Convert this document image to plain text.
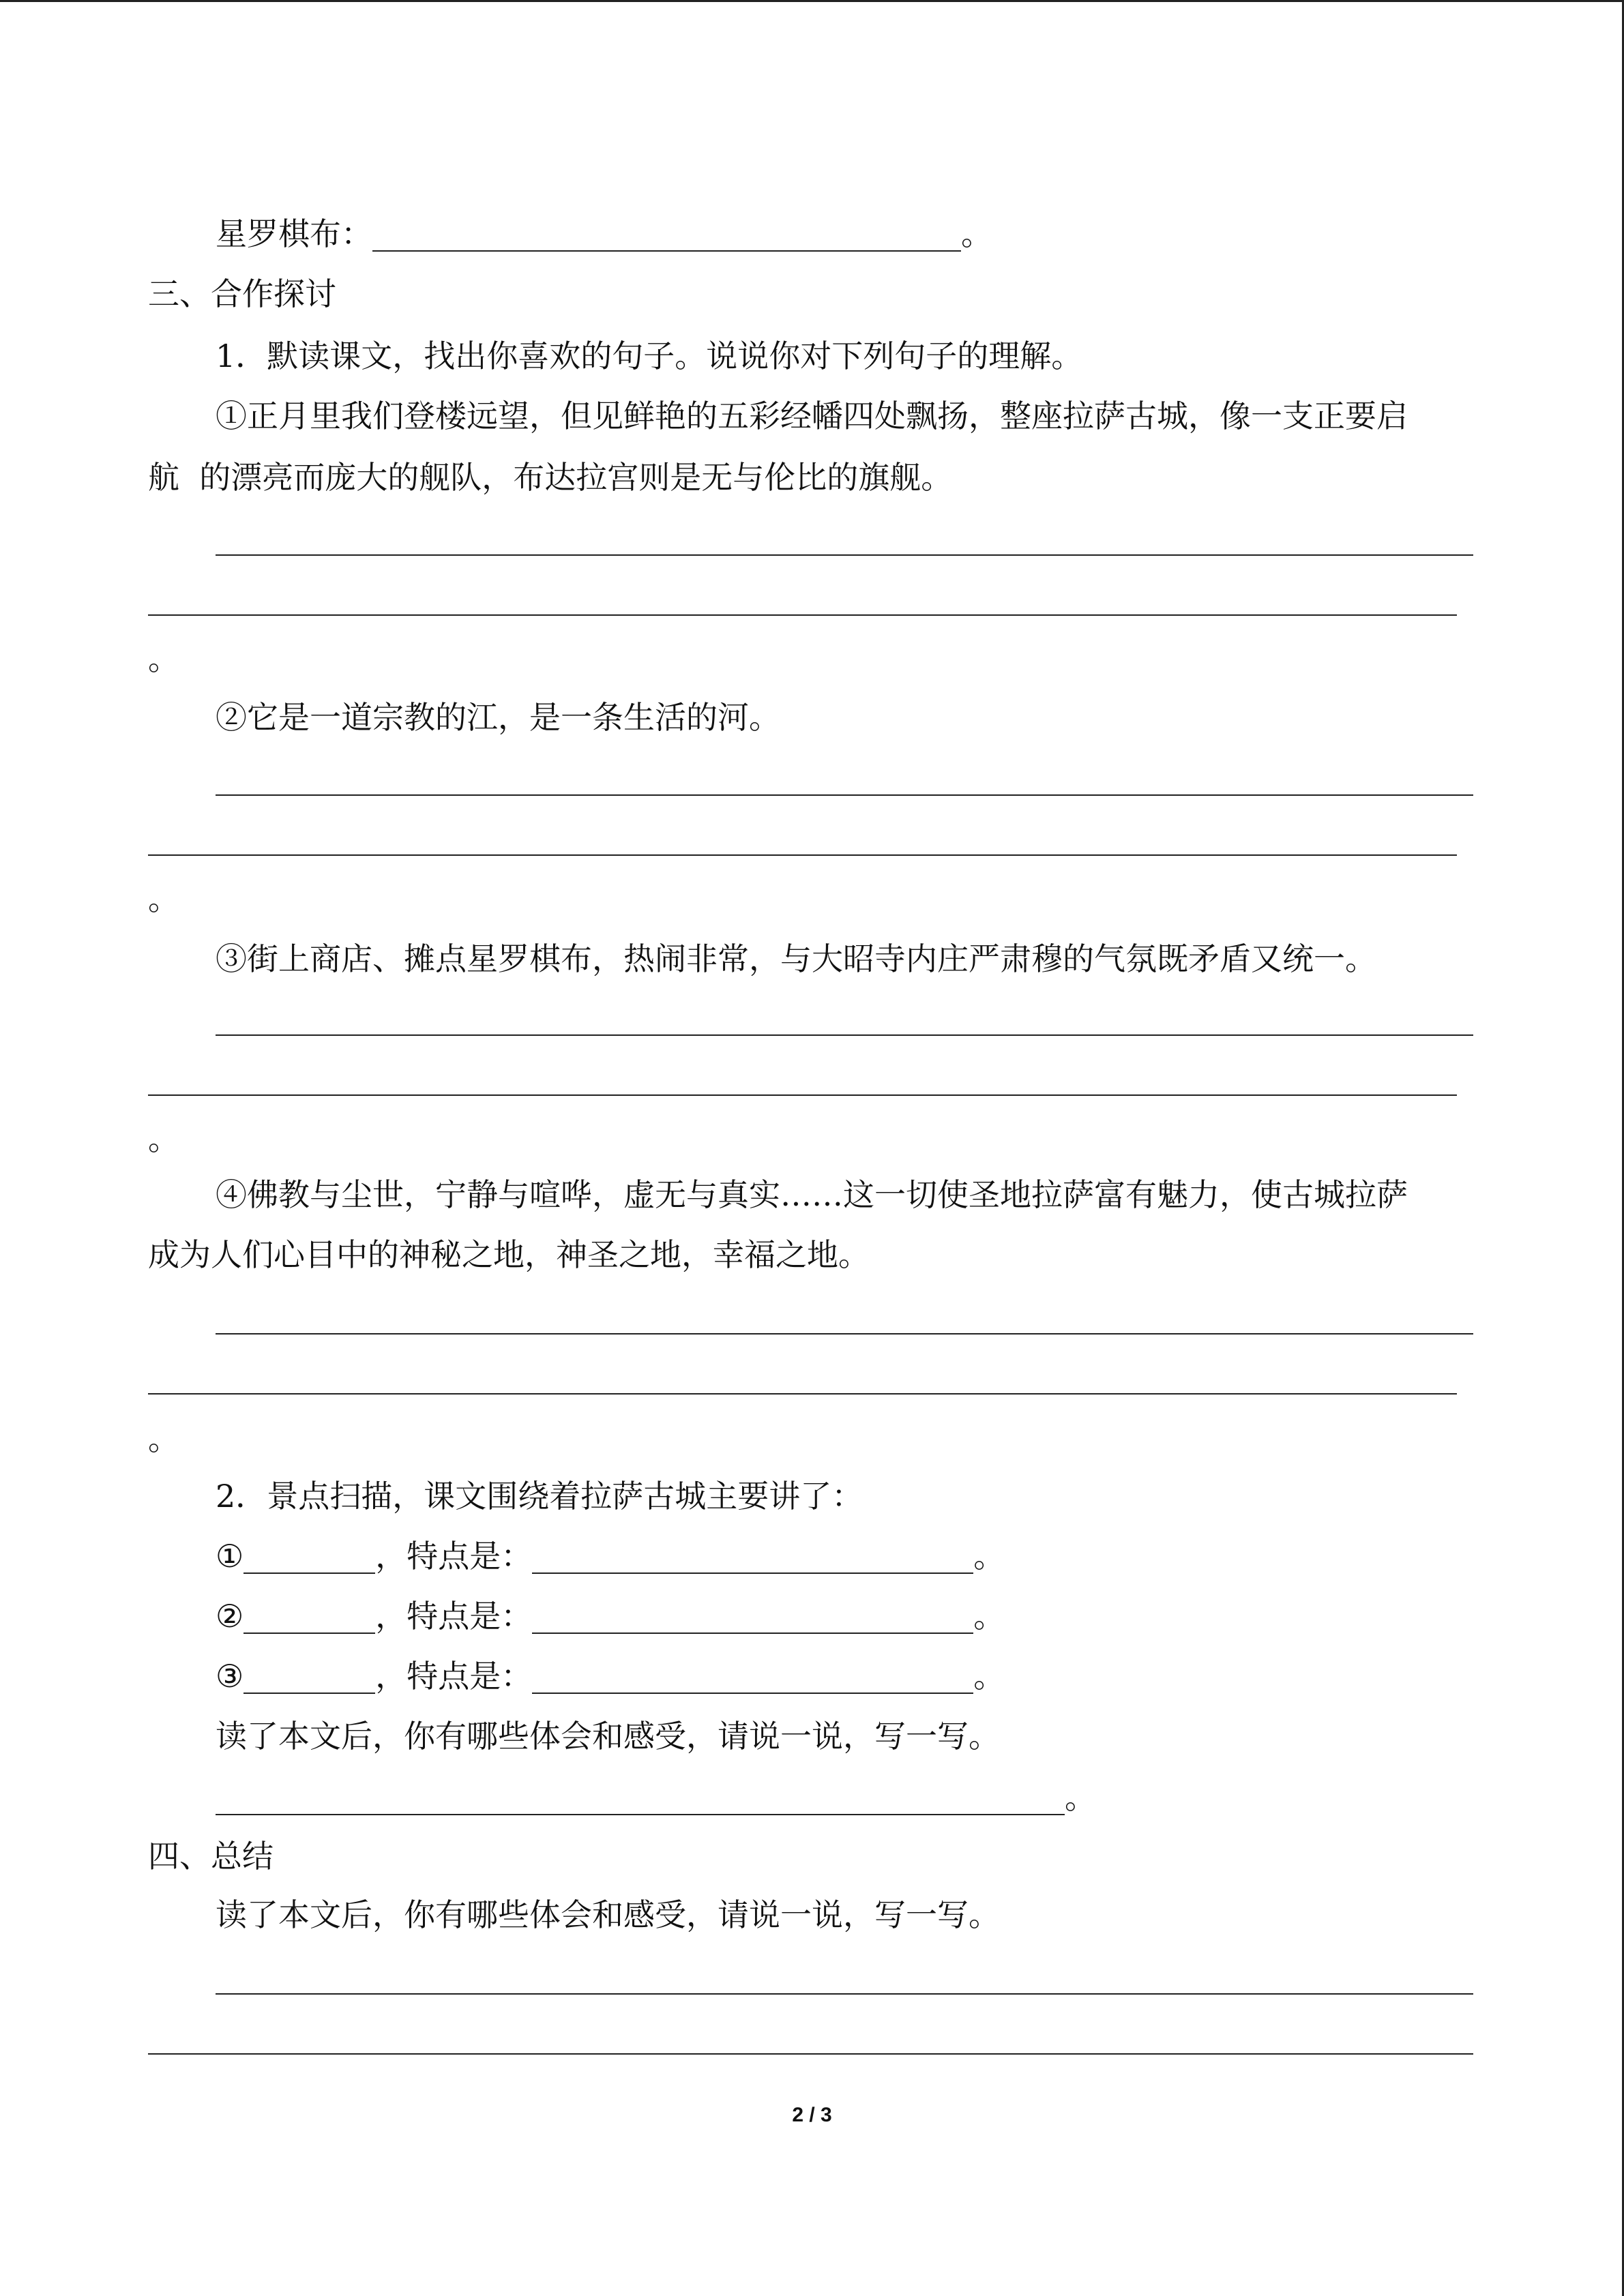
星罗棋布：	。
三、合作探讨
1．默读课文，找出你喜欢的句子。说说你对下列句子的理解。
①正月里我们登楼远望，但见鲜艳的五彩经幡四处飘扬，整座拉萨古城，像一支正要启
航  的漂亮而庞大的舰队，布达拉宫则是无与伦比的旗舰。
。
②它是一道宗教的江，是一条生活的河。
。
③街上商店、摊点星罗棋布，热闹非常，与大昭寺内庄严肃穆的气氛既矛盾又统一。
。
④佛教与尘世，宁静与喧哗，虚无与真实……这一切使圣地拉萨富有魅力，使古城拉萨
成为人们心目中的神秘之地，神圣之地，幸福之地。
。
2．景点扫描，课文围绕着拉萨古城主要讲了：
①	，特点是：	。
②	，特点是：	。
③	，特点是：	。
读了本文后，你有哪些体会和感受，请说一说，写一写。
。
四、总结
读了本文后，你有哪些体会和感受，请说一说，写一写。
2 / 3
